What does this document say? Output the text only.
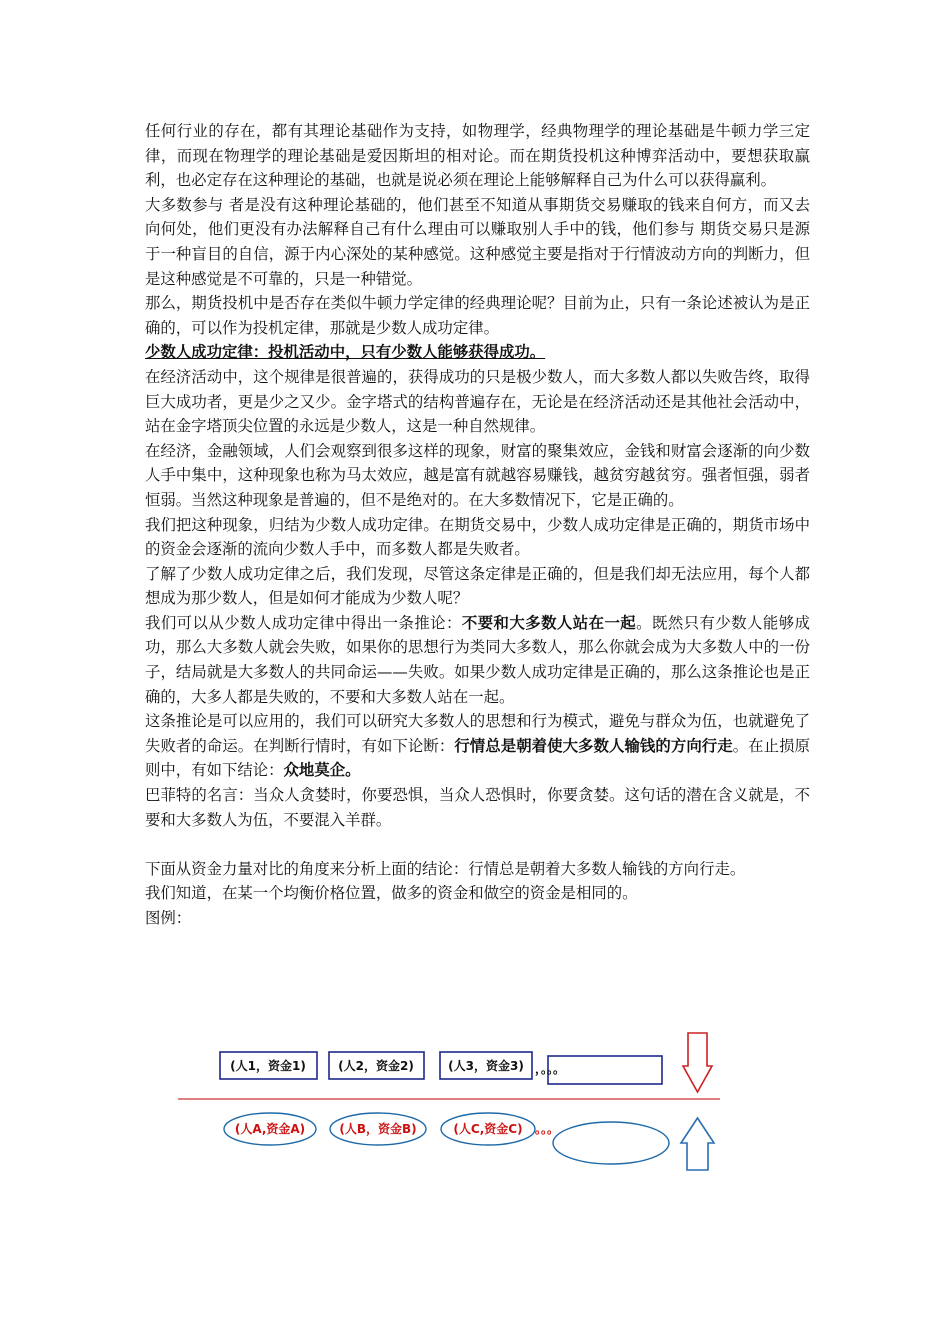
任何行业的存在，都有其理论基础作为支持，如物理学，经典物理学的理论基础是牛顿力学三定律，而现在物理学的理论基础是爱因斯坦的相对论。而在期货投机这种博弈活动中，要想获取赢利，也必定存在这种理论的基础，也就是说必须在理论上能够解释自己为什么可以获得赢利。

大多数参与 者是没有这种理论基础的，他们甚至不知道从事期货交易赚取的钱来自何方，而又去向何处，他们更没有办法解释自己有什么理由可以赚取别人手中的钱，他们参与 期货交易只是源于一种盲目的自信，源于内心深处的某种感觉。这种感觉主要是指对于行情波动方向的判断力，但是这种感觉是不可靠的，只是一种错觉。

那么，期货投机中是否存在类似牛顿力学定律的经典理论呢？目前为止，只有一条论述被认为是正确的，可以作为投机定律，那就是少数人成功定律。

少数人成功定律：投机活动中，只有少数人能够获得成功。

在经济活动中，这个规律是很普遍的，获得成功的只是极少数人，而大多数人都以失败告终，取得巨大成功者，更是少之又少。金字塔式的结构普遍存在，无论是在经济活动还是其他社会活动中，站在金字塔顶尖位置的永远是少数人，这是一种自然规律。

在经济，金融领域，人们会观察到很多这样的现象，财富的聚集效应，金钱和财富会逐渐的向少数人手中集中，这种现象也称为马太效应，越是富有就越容易赚钱，越贫穷越贫穷。强者恒强，弱者恒弱。当然这种现象是普遍的，但不是绝对的。在大多数情况下，它是正确的。

我们把这种现象，归结为少数人成功定律。在期货交易中，少数人成功定律是正确的，期货市场中的资金会逐渐的流向少数人手中，而多数人都是失败者。

了解了少数人成功定律之后，我们发现，尽管这条定律是正确的，但是我们却无法应用，每个人都想成为那少数人，但是如何才能成为少数人呢？

我们可以从少数人成功定律中得出一条推论：不要和大多数人站在一起。既然只有少数人能够成功，那么大多数人就会失败，如果你的思想行为类同大多数人，那么你就会成为大多数人中的一份子，结局就是大多数人的共同命运——失败。如果少数人成功定律是正确的，那么这条推论也是正确的，大多人都是失败的，不要和大多数人站在一起。

这条推论是可以应用的，我们可以研究大多数人的思想和行为模式，避免与群众为伍，也就避免了失败者的命运。在判断行情时，有如下论断：行情总是朝着使大多数人输钱的方向行走。在止损原则中，有如下结论：众地莫企。

巴菲特的名言：当众人贪婪时，你要恐惧，当众人恐惧时，你要贪婪。这句话的潜在含义就是，不要和大多数人为伍，不要混入羊群。

下面从资金力量对比的角度来分析上面的结论：行情总是朝着大多数人输钱的方向行走。

我们知道，在某一个均衡价格位置，做多的资金和做空的资金是相同的。

图例：

(人1，资金1)	(人2，资金2)	(人3，资金3) ，。。。
(人A,资金A)	(人B，资金B)	(人C,资金C) 。。。
